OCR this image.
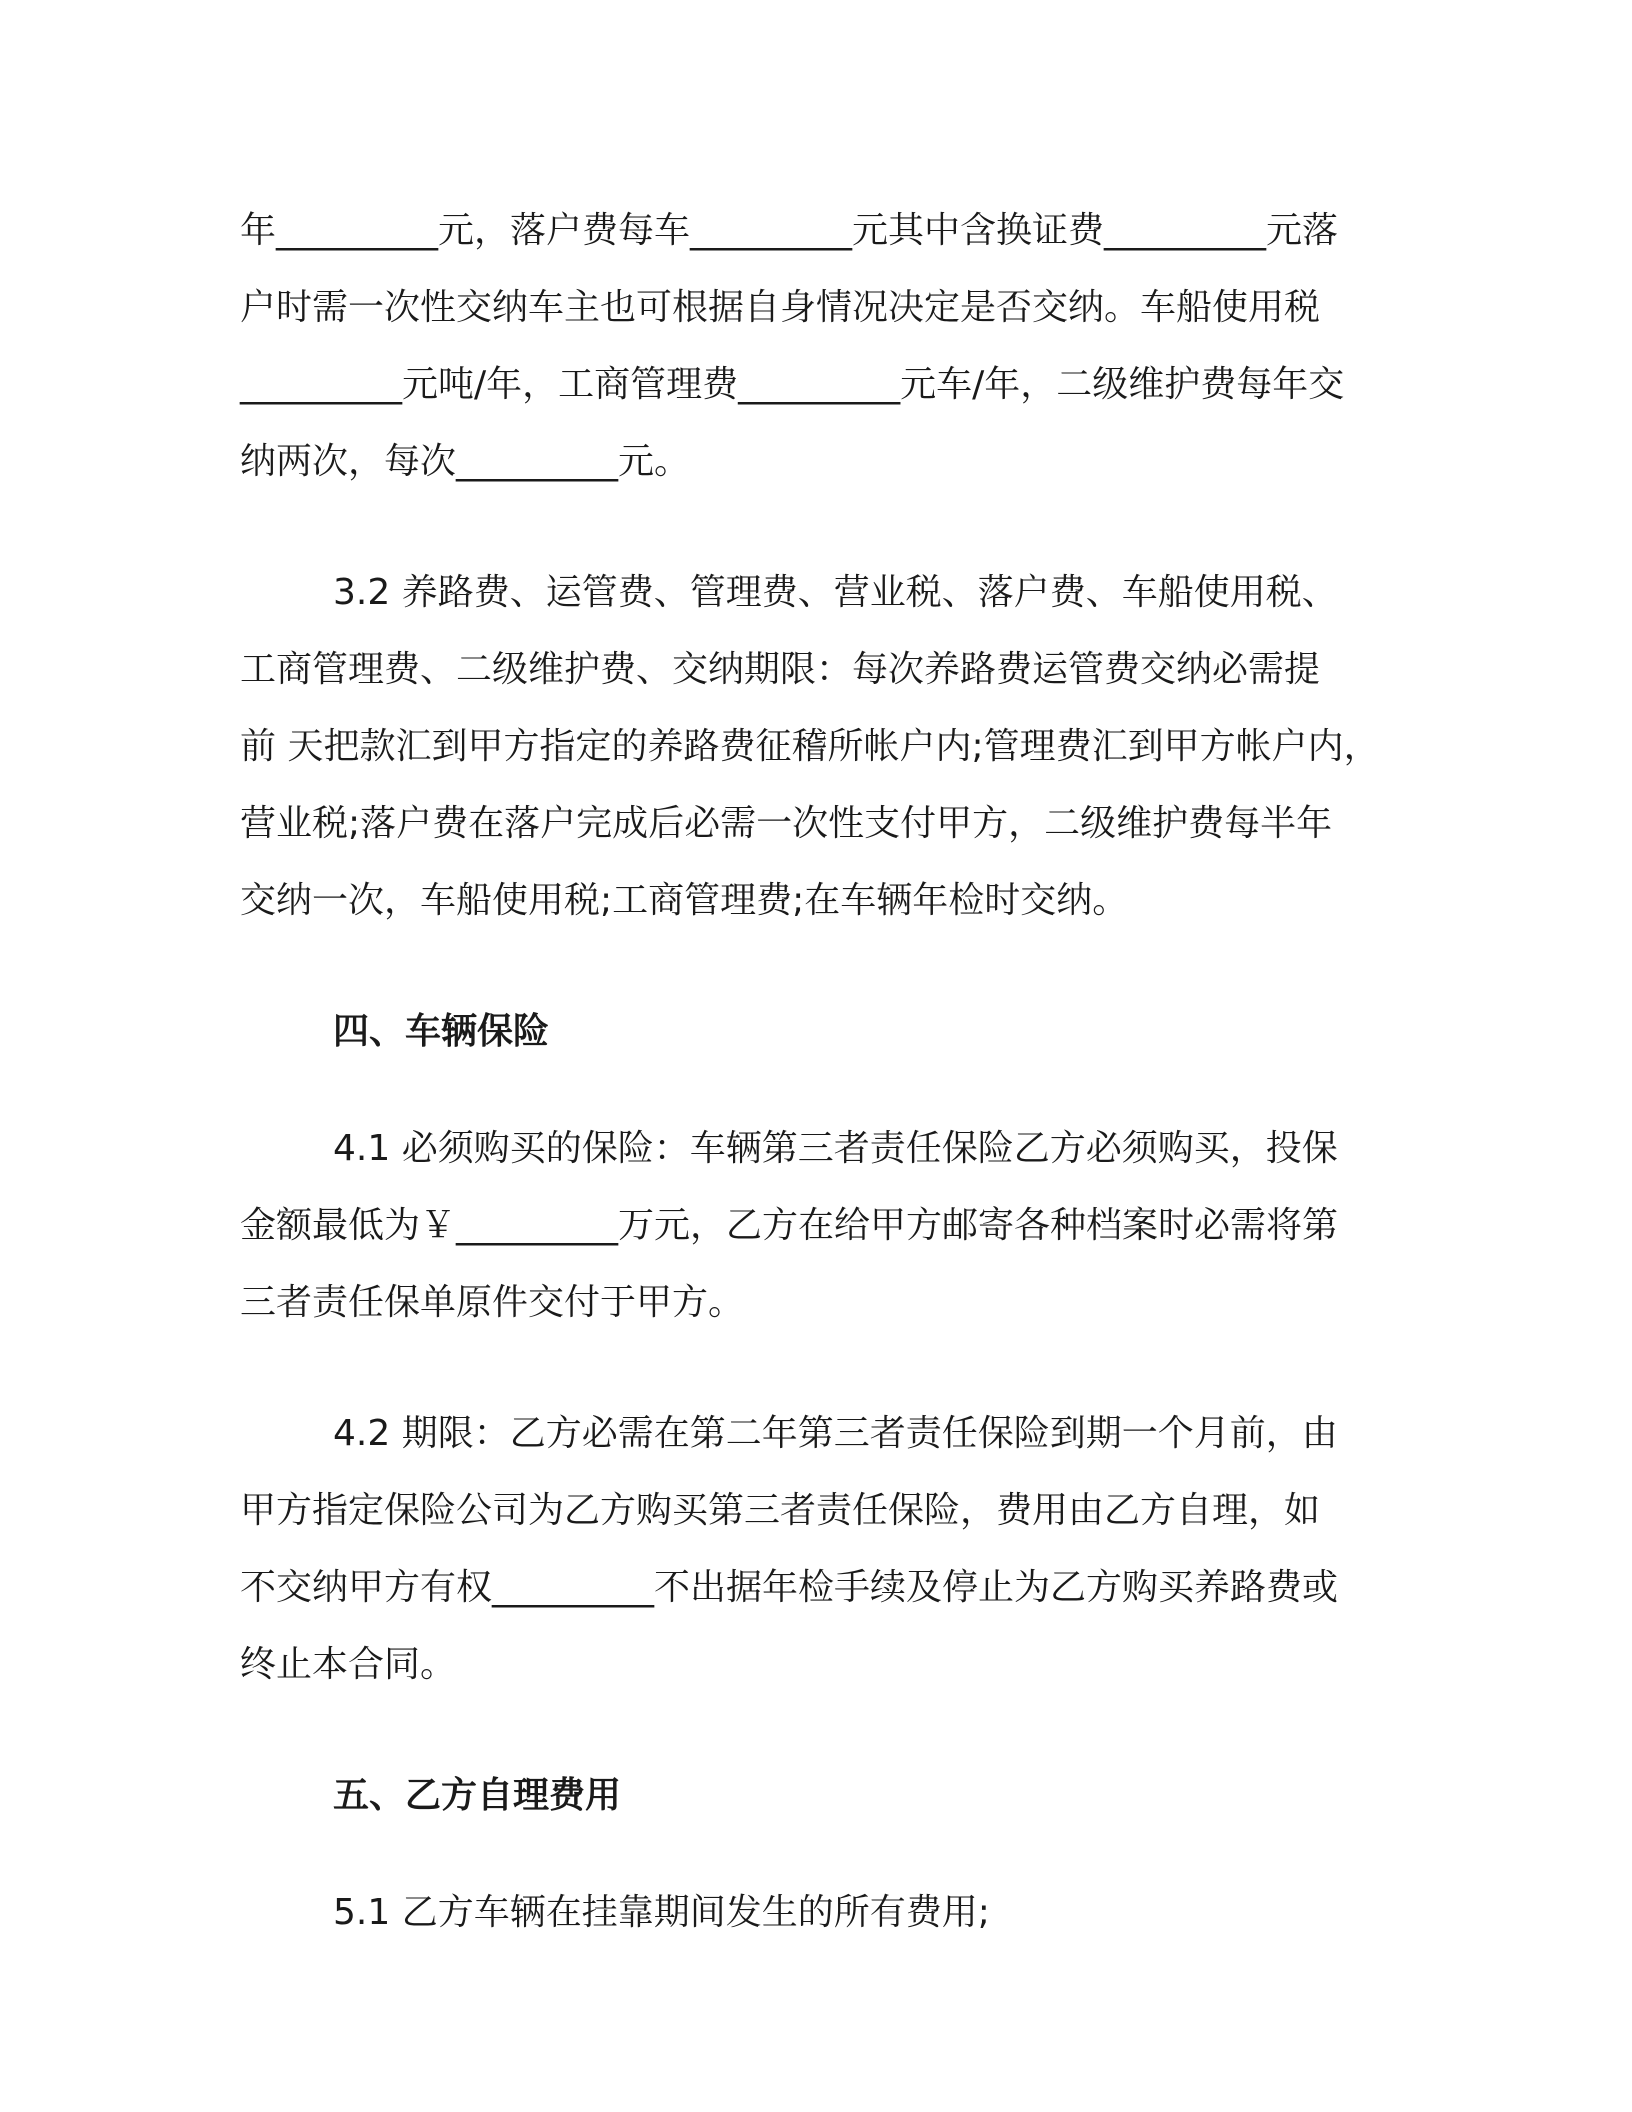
年_________元，落户费每车_________元其中含换证费_________元落
户时需一次性交纳车主也可根据自身情况决定是否交纳。车船使用税
_________元吨/年，工商管理费_________元车/年，二级维护费每年交
纳两次，每次_________元。
3.2 养路费、运管费、管理费、营业税、落户费、车船使用税、
工商管理费、二级维护费、交纳期限：每次养路费运管费交纳必需提
前 天把款汇到甲方指定的养路费征稽所帐户内;管理费汇到甲方帐户内，
营业税;落户费在落户完成后必需一次性支付甲方，二级维护费每半年
交纳一次，车船使用税;工商管理费;在车辆年检时交纳。
四、车辆保险
4.1 必须购买的保险：车辆第三者责任保险乙方必须购买，投保
金额最低为￥_________万元，乙方在给甲方邮寄各种档案时必需将第
三者责任保单原件交付于甲方。
4.2 期限：乙方必需在第二年第三者责任保险到期一个月前，由
甲方指定保险公司为乙方购买第三者责任保险，费用由乙方自理，如
不交纳甲方有权_________不出据年检手续及停止为乙方购买养路费或
终止本合同。
五、乙方自理费用
5.1 乙方车辆在挂靠期间发生的所有费用;
